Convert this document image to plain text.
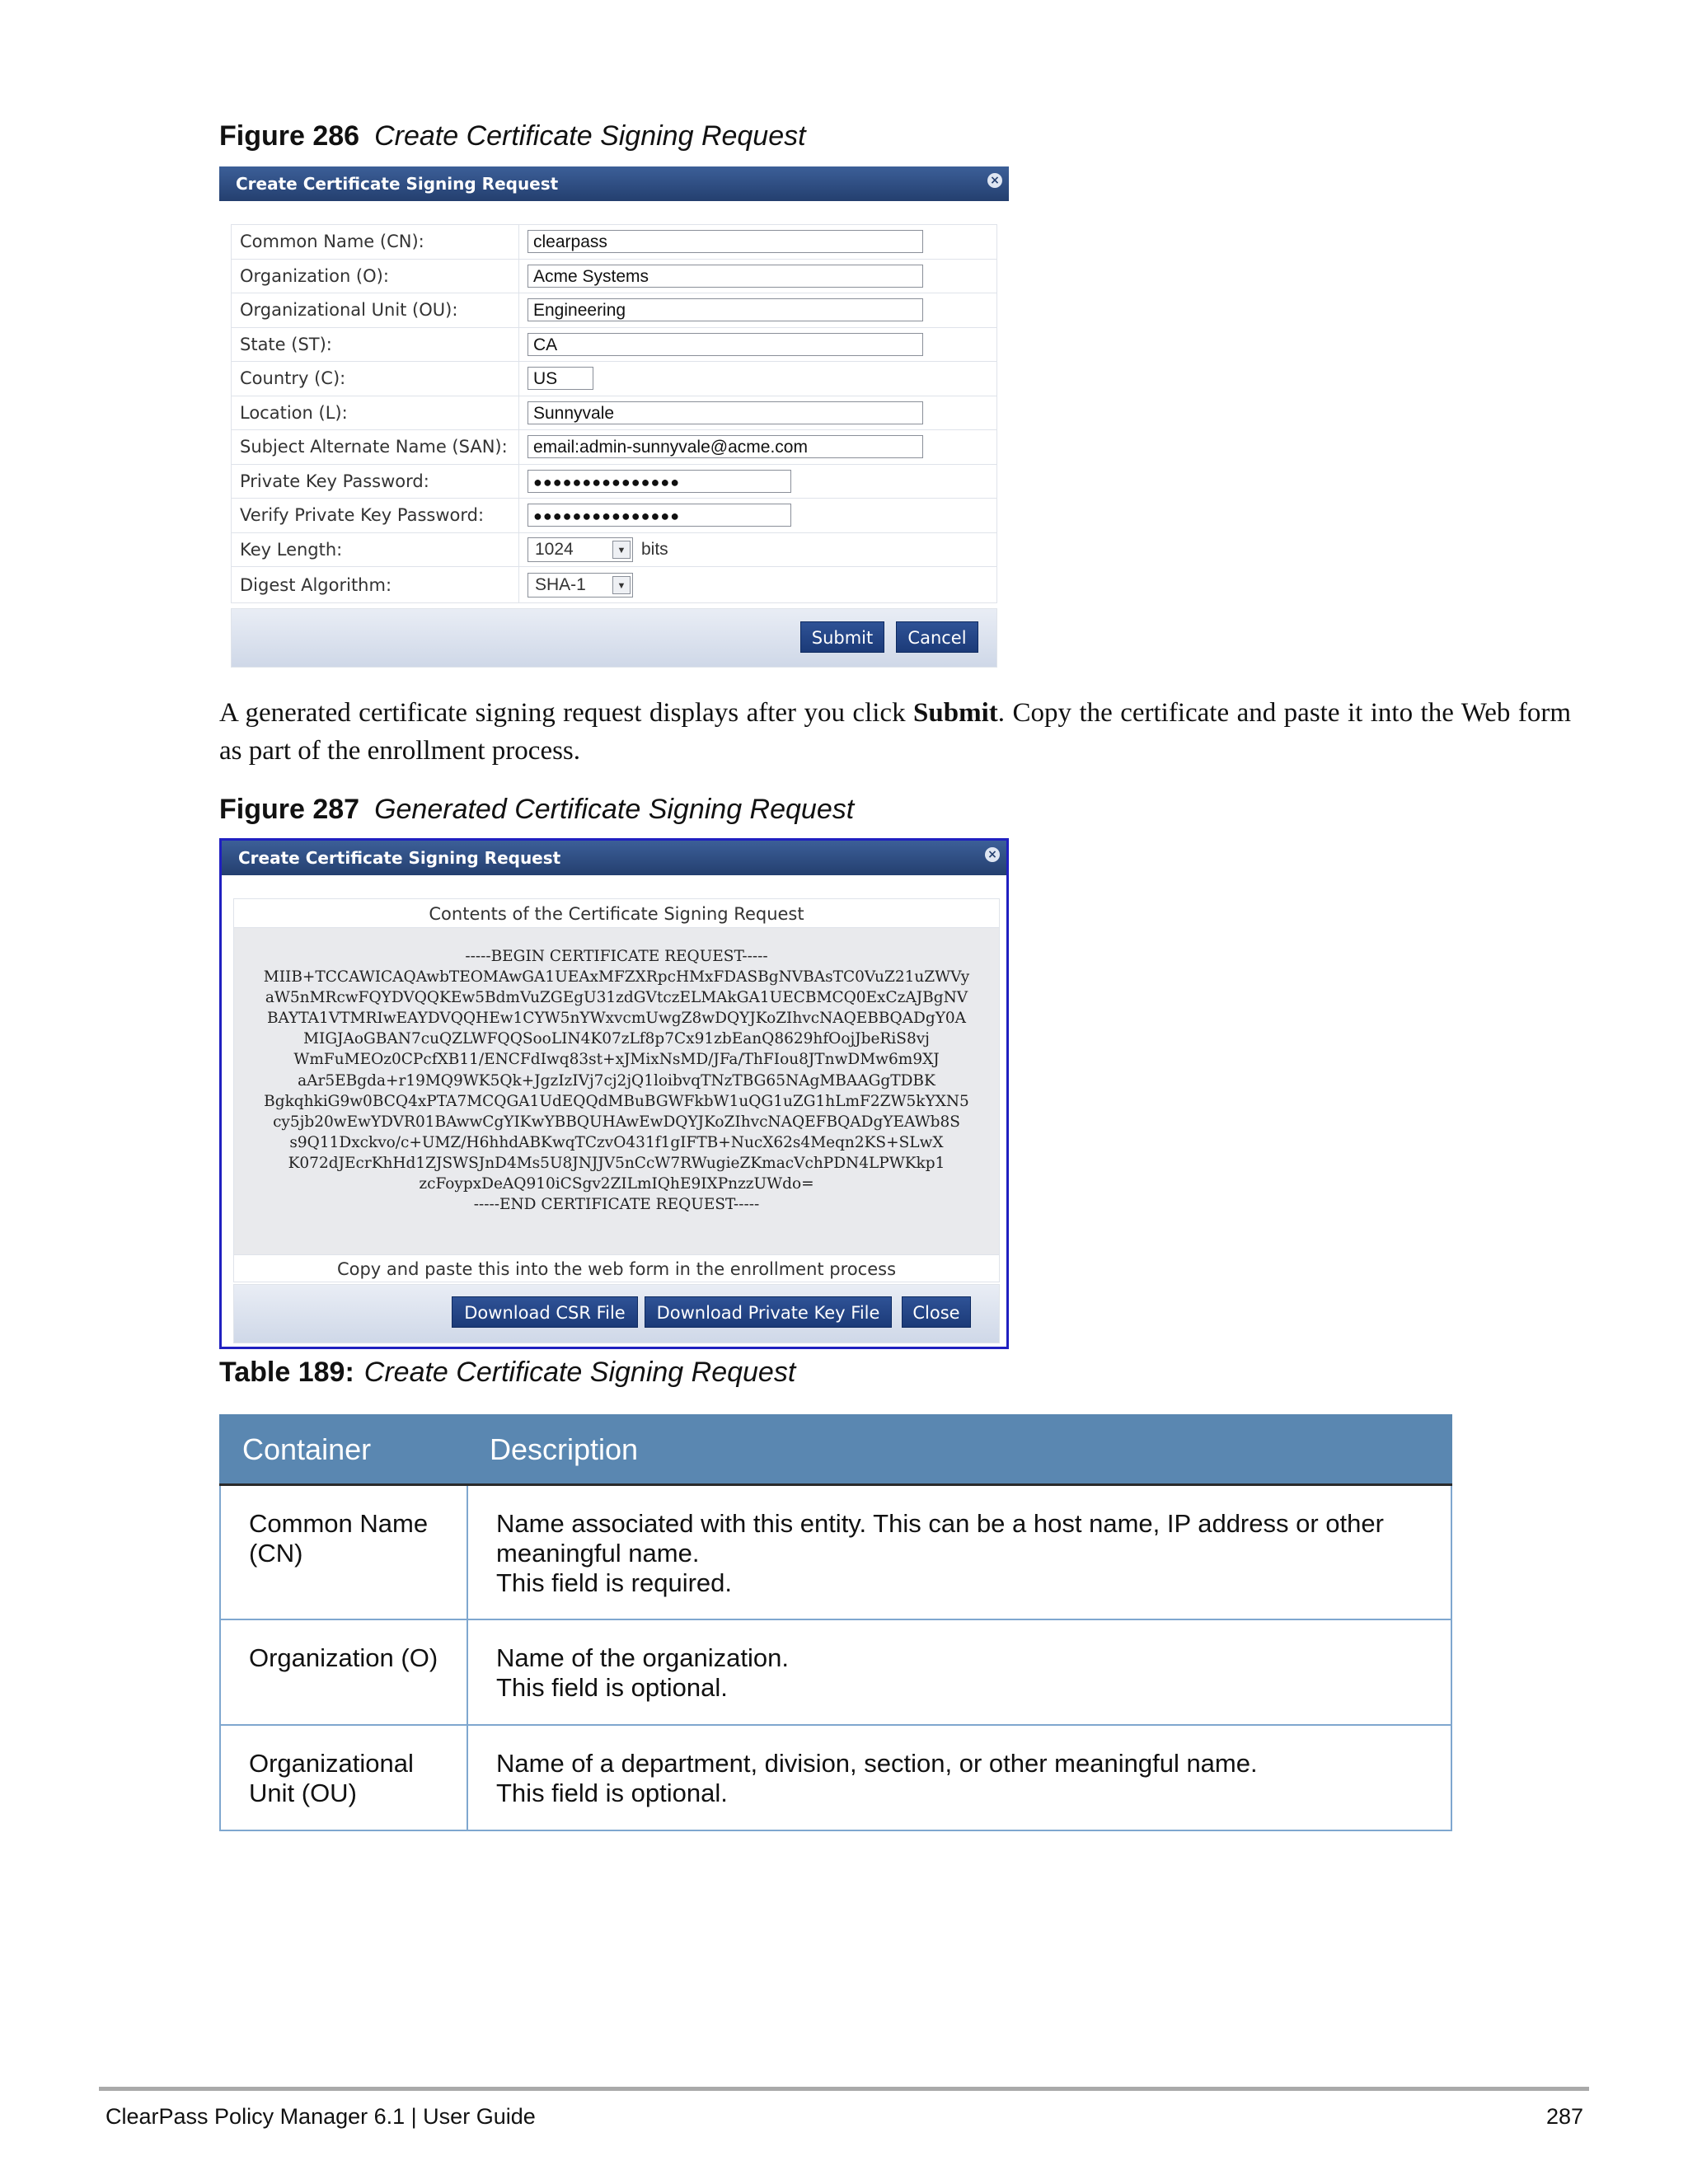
Figure 286 Create Certificate Signing Request
Create Certificate Signing Request	×
Common Name (CN):	clearpass
Organization (O):	Acme Systems
Organizational Unit (OU):	Engineering
State (ST):	CA
Country (C):	US
Location (L):	Sunnyvale
Subject Alternate Name (SAN):	email:admin-sunnyvale@acme.com
Private Key Password:	●●●●●●●●●●●●●●●
Verify Private Key Password:	●●●●●●●●●●●●●●●
Key Length:	1024 ▼ bits
Digest Algorithm:	SHA-1 ▼
Submit	Cancel
A generated certificate signing request displays after you click Submit. Copy the certificate and paste it into the Web form as part of the enrollment process.
Figure 287 Generated Certificate Signing Request
Create Certificate Signing Request	×
Contents of the Certificate Signing Request
-----BEGIN CERTIFICATE REQUEST-----
MIIB+TCCAWICAQAwbTEOMAwGA1UEAxMFZXRpcHMxFDASBgNVBAsTC0VuZ21uZWVy
aW5nMRcwFQYDVQQKEw5BdmVuZGEgU31zdGVtczELMAkGA1UECBMCQ0ExCzAJBgNV
BAYTA1VTMRIwEAYDVQQHEw1CYW5nYWxvcmUwgZ8wDQYJKoZIhvcNAQEBBQADgY0A
MIGJAoGBAN7cuQZLWFQQSooLIN4K07zLf8p7Cx91zbEanQ8629hfOojJbeRiS8vj
WmFuMEOz0CPcfXB11/ENCFdIwq83st+xJMixNsMD/JFa/ThFIou8JTnwDMw6m9XJ
aAr5EBgda+r19MQ9WK5Qk+JgzIzIVj7cj2jQ1loibvqTNzTBG65NAgMBAAGgTDBK
BgkqhkiG9w0BCQ4xPTA7MCQGA1UdEQQdMBuBGWFkbW1uQG1uZG1hLmF2ZW5kYXN5
cy5jb20wEwYDVR01BAwwCgYIKwYBBQUHAwEwDQYJKoZIhvcNAQEFBQADgYEAWb8S
s9Q11Dxckvo/c+UMZ/H6hhdABKwqTCzvO431f1gIFTB+NucX62s4Meqn2KS+SLwX
K072dJEcrKhHd1ZJSWSJnD4Ms5U8JNJJV5nCcW7RWugieZKmacVchPDN4LPWKkp1
zcFoypxDeAQ910iCSgv2ZILmIQhE9IXPnzzUWdo=
-----END CERTIFICATE REQUEST-----
Copy and paste this into the web form in the enrollment process
Download CSR File	Download Private Key File	Close
Table 189: Create Certificate Signing Request
Container	Description
Common Name (CN)	Name associated with this entity. This can be a host name, IP address or other meaningful name.
This field is required.

Organization (O)	Name of the organization.
This field is optional.

Organizational Unit (OU)	Name of a department, division, section, or other meaningful name.
This field is optional.
ClearPass Policy Manager 6.1 | User Guide	287
